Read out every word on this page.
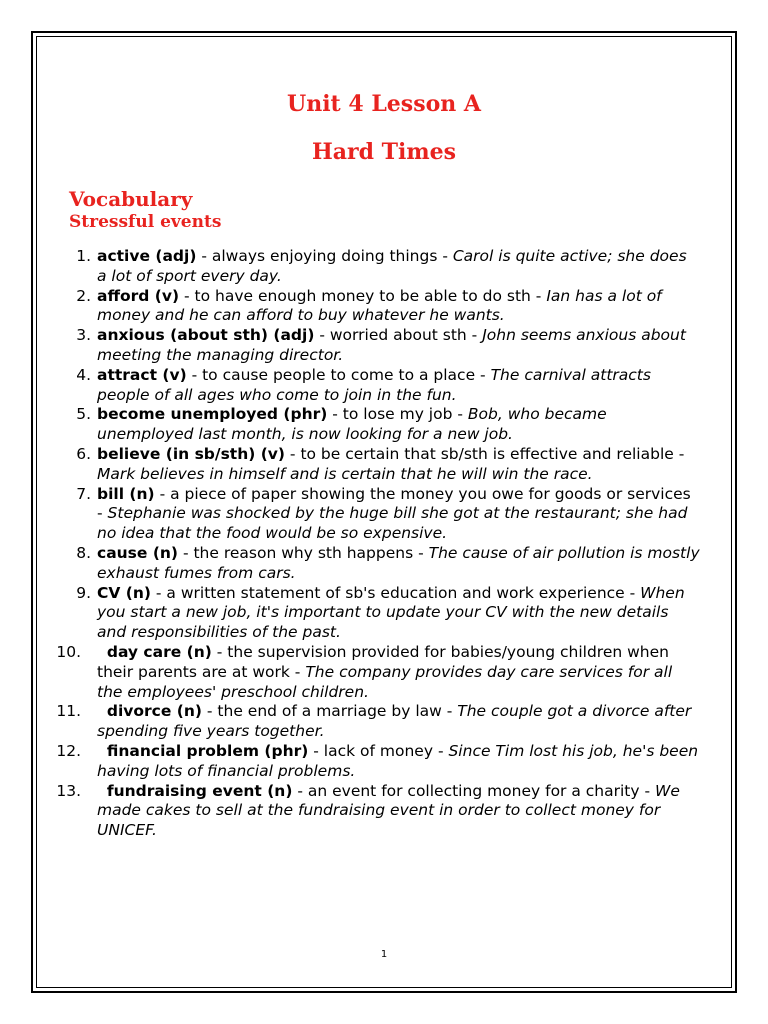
Unit 4 Lesson A
Hard Times
Vocabulary
Stressful events
1. active (adj) - always enjoying doing things - Carol is quite active; she does a lot of sport every day.
2. afford (v) - to have enough money to be able to do sth - Ian has a lot of money and he can afford to buy whatever he wants.
3. anxious (about sth) (adj) - worried about sth - John seems anxious about meeting the managing director.
4. attract (v) - to cause people to come to a place - The carnival attracts people of all ages who come to join in the fun.
5. become unemployed (phr) - to lose my job - Bob, who became unemployed last month, is now looking for a new job.
6. believe (in sb/sth) (v) - to be certain that sb/sth is effective and reliable - Mark believes in himself and is certain that he will win the race.
7. bill (n) - a piece of paper showing the money you owe for goods or services - Stephanie was shocked by the huge bill she got at the restaurant; she had no idea that the food would be so expensive.
8. cause (n) - the reason why sth happens - The cause of air pollution is mostly exhaust fumes from cars.
9. CV (n) - a written statement of sb's education and work experience - When you start a new job, it's important to update your CV with the new details and responsibilities of the past.
10. day care (n) - the supervision provided for babies/young children when their parents are at work - The company provides day care services for all the employees' preschool children.
11. divorce (n) - the end of a marriage by law - The couple got a divorce after spending five years together.
12. financial problem (phr) - lack of money - Since Tim lost his job, he's been having lots of financial problems.
13. fundraising event (n) - an event for collecting money for a charity - We made cakes to sell at the fundraising event in order to collect money for UNICEF.
1
